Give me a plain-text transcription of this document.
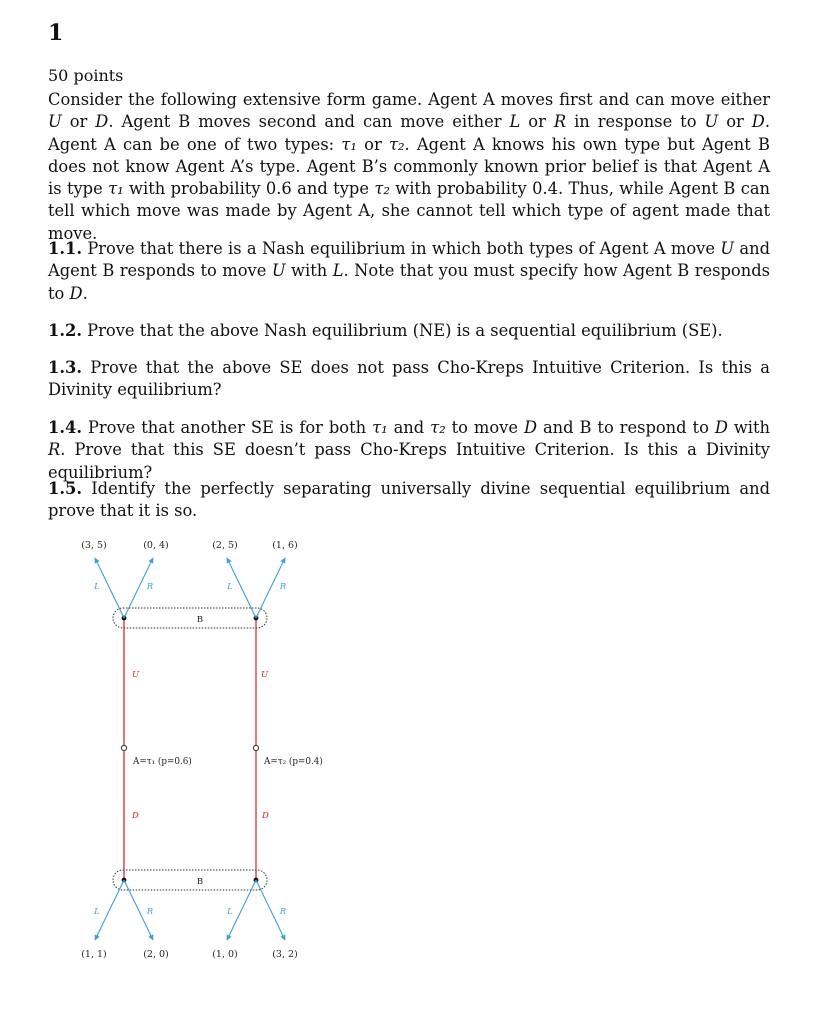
1
50 points
Consider the following extensive form game. Agent A moves first and can move either U or D. Agent B moves second and can move either L or R in response to U or D. Agent A can be one of two types: τ₁ or τ₂. Agent A knows his own type but Agent B does not know Agent A’s type. Agent B’s commonly known prior belief is that Agent A is type τ₁ with probability 0.6 and type τ₂ with probability 0.4. Thus, while Agent B can tell which move was made by Agent A, she cannot tell which type of agent made that move.
1.1. Prove that there is a Nash equilibrium in which both types of Agent A move U and Agent B responds to move U with L. Note that you must specify how Agent B responds to D.
1.2. Prove that the above Nash equilibrium (NE) is a sequential equilibrium (SE).
1.3. Prove that the above SE does not pass Cho-Kreps Intuitive Criterion. Is this a Divinity equilibrium?
1.4. Prove that another SE is for both τ₁ and τ₂ to move D and B to respond to D with R. Prove that this SE doesn’t pass Cho-Kreps Intuitive Criterion. Is this a Divinity equilibrium?
1.5. Identify the perfectly separating universally divine sequential equilibrium and prove that it is so.
(3, 5)	(0, 4)	(2, 5)	(1, 6)
(1, 1)	(2, 0)	(1, 0)	(3, 2)
L	R	L	R
L	R	L	R
U	U
D	D
B
B
A=τ₁ (p=0.6)	A=τ₂ (p=0.4)
